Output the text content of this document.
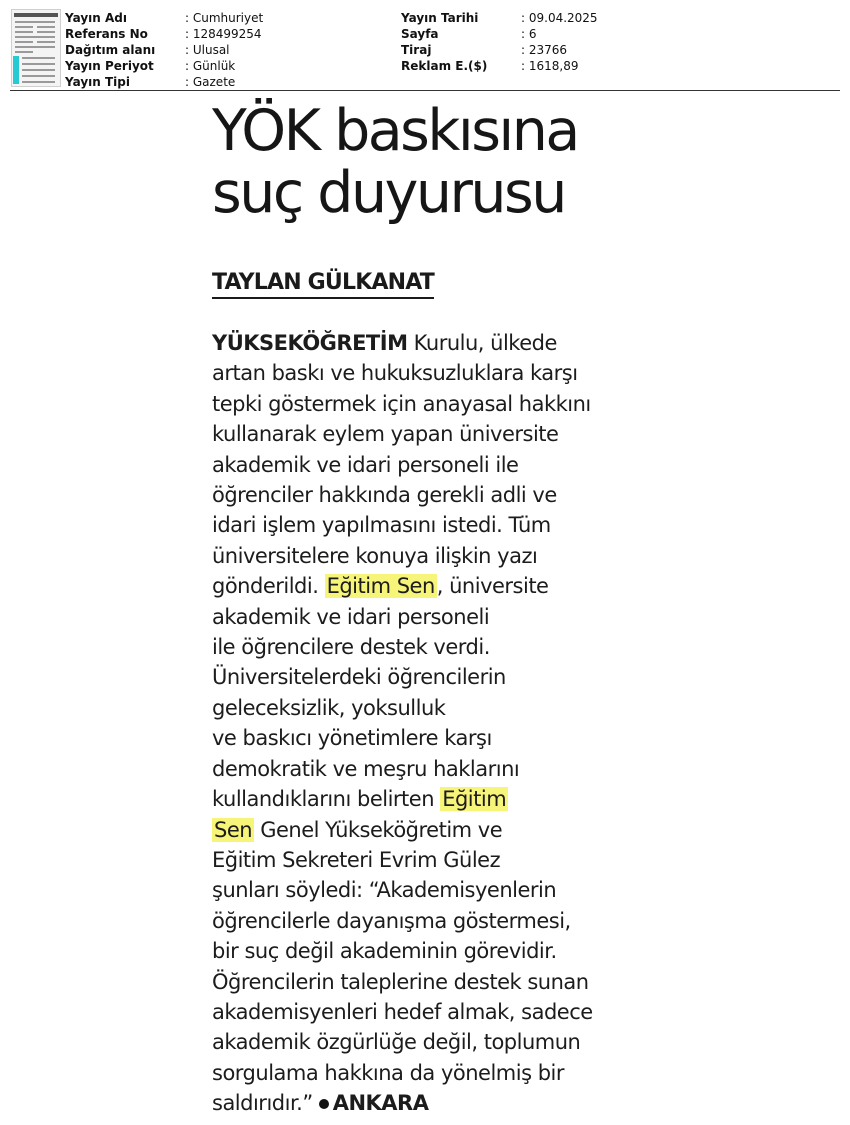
Yayın Adı	: Cumhuriyet
Referans No	: 128499254
Dağıtım alanı : Ulusal
Yayın Periyot	: Günlük
Yayın Tipi	: Gazete
Yayın Tarihi	: 09.04.2025
Sayfa	: 6
Tiraj	: 23766
Reklam E.($)	: 1618,89
YÖK baskısına
suç duyurusu
TAYLAN GÜLKANAT
YÜKSEKÖĞRETİM Kurulu, ülkede
artan baskı ve hukuksuzluklara karşı
tepki göstermek için anayasal hakkını
kullanarak eylem yapan üniversite
akademik ve idari personeli ile
öğrenciler hakkında gerekli adli ve
idari işlem yapılmasını istedi. Tüm
üniversitelere konuya ilişkin yazı
gönderildi. Eğitim Sen, üniversite
akademik ve idari personeli
ile öğrencilere destek verdi.
Üniversitelerdeki öğrencilerin
geleceksizlik, yoksulluk
ve baskıcı yönetimlere karşı
demokratik ve meşru haklarını
kullandıklarını belirten Eğitim
Sen Genel Yükseköğretim ve
Eğitim Sekreteri Evrim Gülez
şunları söyledi: “Akademisyenlerin
öğrencilerle dayanışma göstermesi,
bir suç değil akademinin görevidir.
Öğrencilerin taleplerine destek sunan
akademisyenleri hedef almak, sadece
akademik özgürlüğe değil, toplumun
sorgulama hakkına da yönelmiş bir
saldırıdır.” ANKARA
